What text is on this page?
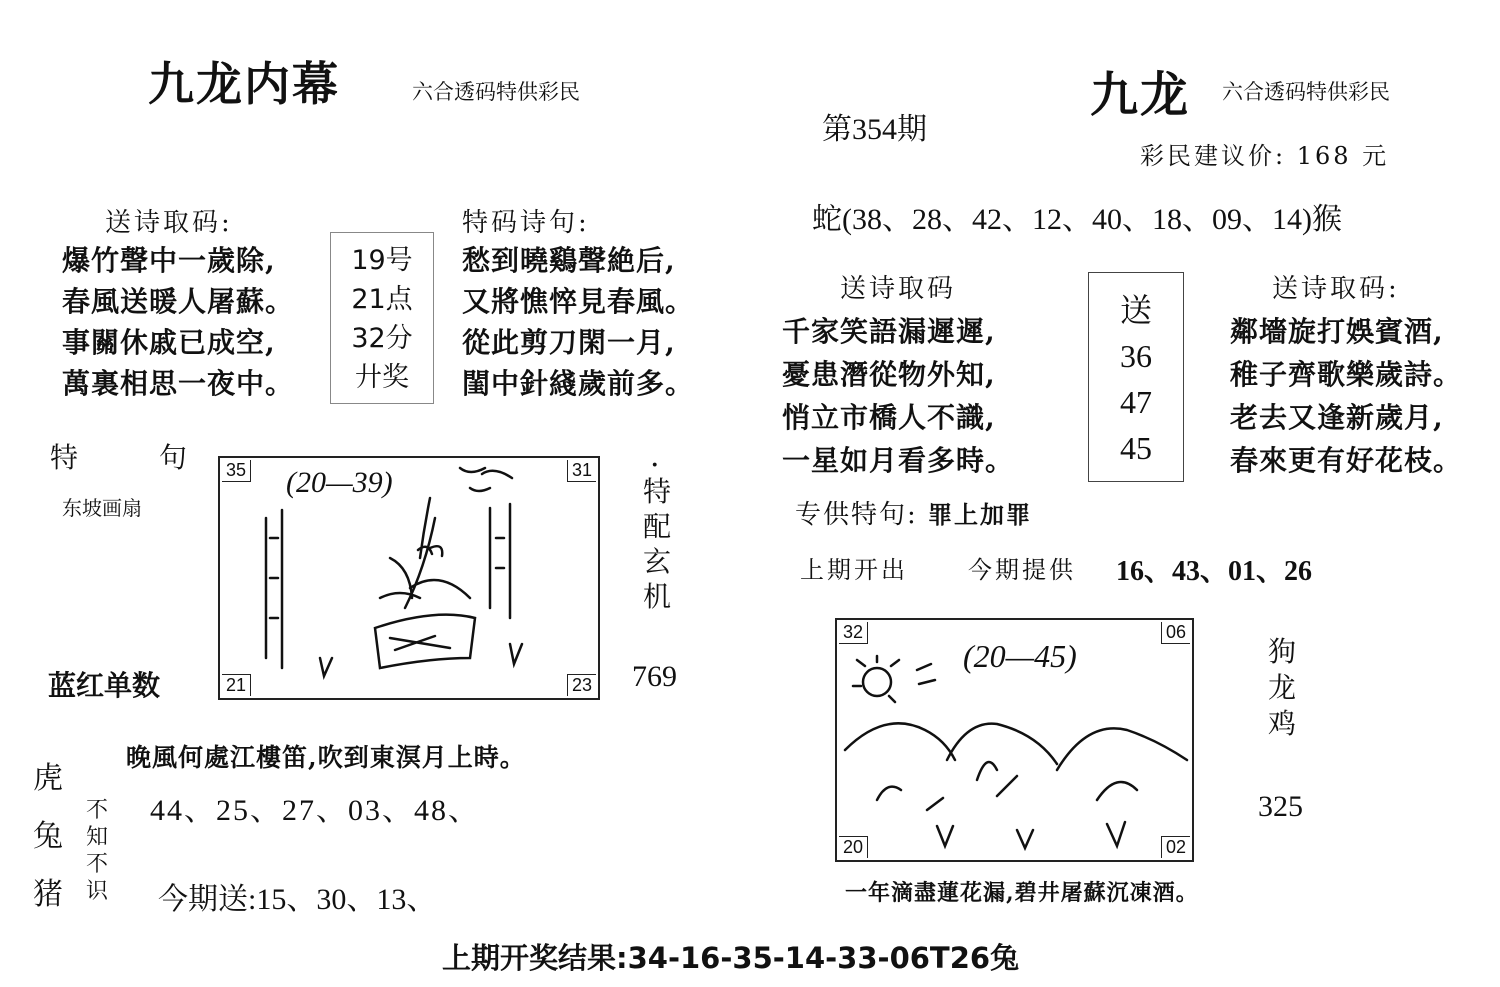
九龙内幕	六合透码特供彩民
送诗取码:
爆竹聲中一歲除,
春風送暖人屠蘇。
事關休戚已成空,
萬裏相思一夜中。
19号
21点
32分
廾奖
特码诗句:
愁到曉鷄聲絶后,
又將憔悴見春風。
從此剪刀閑一月,
閨中針綫歲前多。
特 句
东坡画扇
35	31
21	23
(20—39)	·
特
配
玄
机
蓝红单数	769
晚風何處江樓笛,吹到東溟月上時。
虎
兔
猪
不
知
不
识
44、25、27、03、48、
今期送:15、30、13、
九龙 六合透码特供彩民
第354期
彩民建议价: 168 元
蛇(38、28、42、12、40、18、09、14)猴
送诗取码
千家笑語漏遲遲,
憂患潛從物外知,
悄立市橋人不識,
一星如月看多時。
送
36
47
45
送诗取码:
鄰墻旋打娛賓酒,
稚子齊歌樂歲詩。
老去又逢新歲月,
春來更有好花枝。
专供特句: 罪上加罪
上期开出	今期提供 16、43、01、26
32	06
20	02
(20—45)	狗
龙
鸡
325
一年滴盡蓮花漏,碧井屠蘇沉凍酒。
上期开奖结果:34-16-35-14-33-06T26兔
